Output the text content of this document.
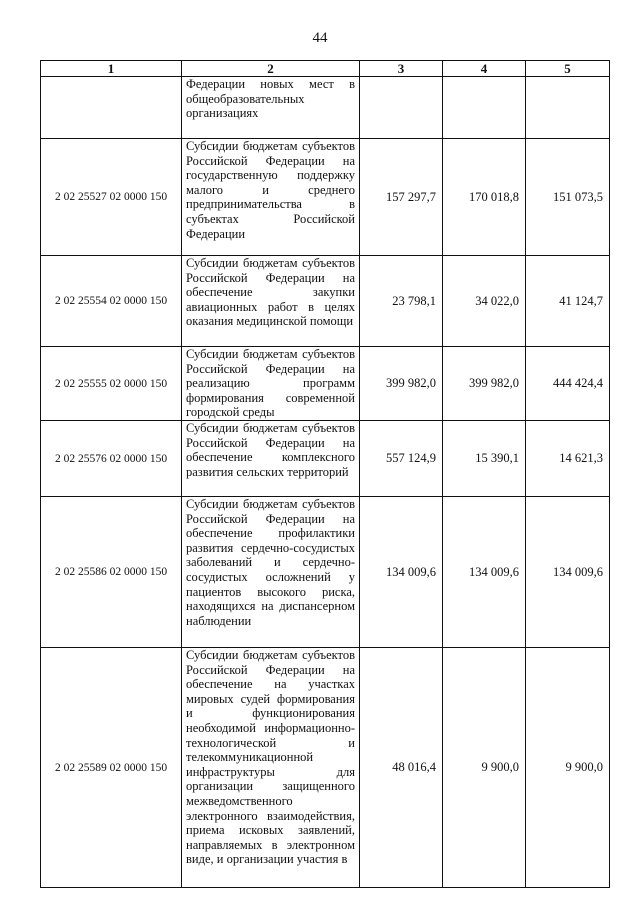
44
1	2	3	4	5

	Федерации новых мест в общеобразовательных организациях			

2 02 25527 02 0000 150	Субсидии бюджетам субъектов Российской Федерации на государственную поддержку малого и среднего предпринимательства в субъектах Российской Федерации	157 297,7	170 018,8	151 073,5
2 02 25554 02 0000 150	Субсидии бюджетам субъектов Российской Федерации на обеспечение закупки авиационных работ в целях оказания медицинской помощи	23 798,1	34 022,0	41 124,7
2 02 25555 02 0000 150	Субсидии бюджетам субъектов Российской Федерации на реализацию программ формирования современной городской среды	399 982,0	399 982,0	444 424,4
2 02 25576 02 0000 150	Субсидии бюджетам субъектов Российской Федерации на обеспечение комплексного развития сельских территорий	557 124,9	15 390,1	14 621,3
2 02 25586 02 0000 150	Субсидии бюджетам субъектов Российской Федерации на обеспечение профилактики развития сердечно-сосудистых заболеваний и сердечно-сосудистых осложнений у пациентов высокого риска, находящихся на диспансерном наблюдении	134 009,6	134 009,6	134 009,6
2 02 25589 02 0000 150	Субсидии бюджетам субъектов Российской Федерации на обеспечение на участках мировых судей формирования и функционирования необходимой информационно-технологической и телекоммуникационной инфраструктуры для организации защищенного межведомственного электронного взаимодействия, приема исковых заявлений, направляемых в электронном виде, и организации участия в	48 016,4	9 900,0	9 900,0
